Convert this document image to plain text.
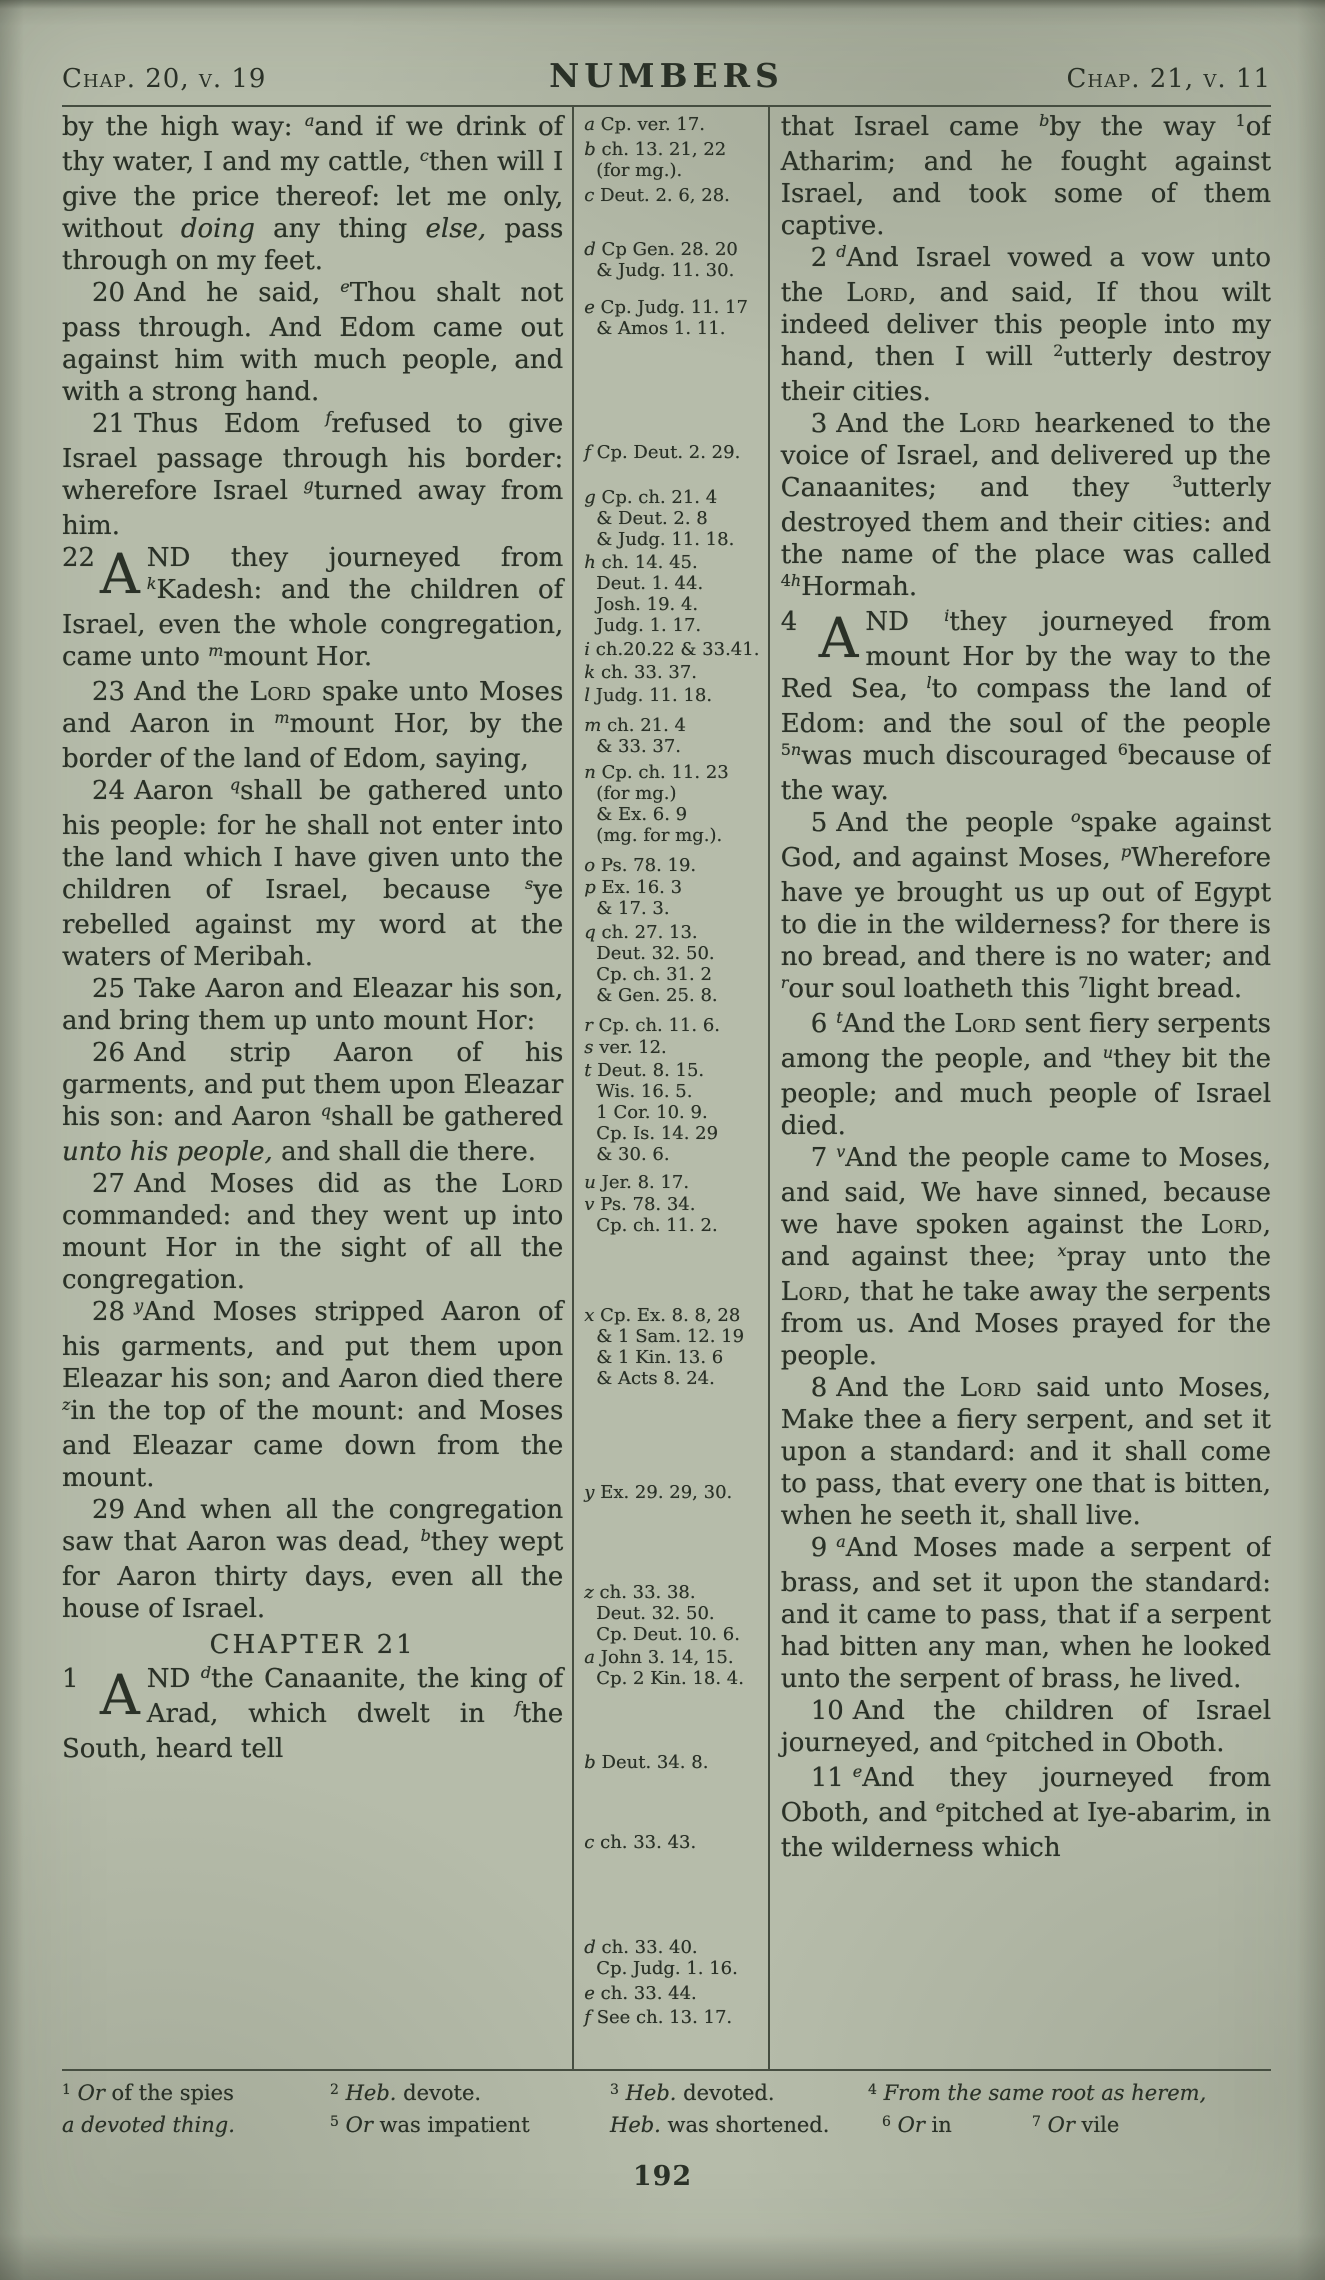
Chap. 20, v. 19	NUMBERS	Chap. 21, v. 11

by the high way: $^a$and if we drink of thy water, I and my cattle, $^c$then will I give the price thereof: let me only, without doing any thing else, pass through on my feet.

20 And he said, $^e$Thou shalt not pass through. And Edom came out against him with much people, and with a strong hand.

21 Thus Edom $^f$refused to give Israel passage through his border: wherefore Israel $^g$turned away from him.

22 A ND they journeyed from $^k$Kadesh: and the children of Israel, even the whole congregation, came unto $^m$mount Hor.

23 And the Lord spake unto Moses and Aaron in $^m$mount Hor, by the border of the land of Edom, saying,

24 Aaron $^q$shall be gathered unto his people: for he shall not enter into the land which I have given unto the children of Israel, because $^s$ye rebelled against my word at the waters of Meribah.

25 Take Aaron and Eleazar his son, and bring them up unto mount Hor:

26 And strip Aaron of his garments, and put them upon Eleazar his son: and Aaron $^q$shall be gathered unto his people, and shall die there.

27 And Moses did as the Lord commanded: and they went up into mount Hor in the sight of all the congregation.

28 $^y$And Moses stripped Aaron of his garments, and put them upon Eleazar his son; and Aaron died there $^z$in the top of the mount: and Moses and Eleazar came down from the mount.

29 And when all the congregation saw that Aaron was dead, $^b$they wept for Aaron thirty days, even all the house of Israel.

CHAPTER 21

1 A ND $^d$the Canaanite, the king of Arad, which dwelt in $^f$the South, heard tell

a Cp. ver. 17.
b ch. 13. 21, 22
(for mg.).
c Deut. 2. 6, 28.
d Cp Gen. 28. 20
& Judg. 11. 30.
e Cp. Judg. 11. 17
& Amos 1. 11.
f Cp. Deut. 2. 29.
g Cp. ch. 21. 4
& Deut. 2. 8
& Judg. 11. 18.
h ch. 14. 45.
Deut. 1. 44.
Josh. 19. 4.
Judg. 1. 17.
i ch.20.22 & 33.41.
k ch. 33. 37.
l Judg. 11. 18.
m ch. 21. 4
& 33. 37.
n Cp. ch. 11. 23
(for mg.)
& Ex. 6. 9
(mg. for mg.).
o Ps. 78. 19.
p Ex. 16. 3
& 17. 3.
q ch. 27. 13.
Deut. 32. 50.
Cp. ch. 31. 2
& Gen. 25. 8.
r Cp. ch. 11. 6.
s ver. 12.
t Deut. 8. 15.
Wis. 16. 5.
1 Cor. 10. 9.
Cp. Is. 14. 29
& 30. 6.
u Jer. 8. 17.
v Ps. 78. 34.
Cp. ch. 11. 2.
x Cp. Ex. 8. 8, 28
& 1 Sam. 12. 19
& 1 Kin. 13. 6
& Acts 8. 24.
y Ex. 29. 29, 30.
z ch. 33. 38.
Deut. 32. 50.
Cp. Deut. 10. 6.
a John 3. 14, 15.
Cp. 2 Kin. 18. 4.
b Deut. 34. 8.
c ch. 33. 43.
d ch. 33. 40.
Cp. Judg. 1. 16.
e ch. 33. 44.
f See ch. 13. 17.

that Israel came $^b$by the way $^1$of Atharim; and he fought against Israel, and took some of them captive.

2 $^d$And Israel vowed a vow unto the Lord, and said, If thou wilt indeed deliver this people into my hand, then I will $^2$utterly destroy their cities.

3 And the Lord hearkened to the voice of Israel, and delivered up the Canaanites; and they $^3$utterly destroyed them and their cities: and the name of the place was called $^{4h}$Hormah.

4 A ND $^i$they journeyed from mount Hor by the way to the Red Sea, $^l$to compass the land of Edom: and the soul of the people $^{5n}$was much discouraged $^6$because of the way.

5 And the people $^o$spake against God, and against Moses, $^p$Wherefore have ye brought us up out of Egypt to die in the wilderness? for there is no bread, and there is no water; and $^r$our soul loatheth this $^7$light bread.

6 $^t$And the Lord sent fiery serpents among the people, and $^u$they bit the people; and much people of Israel died.

7 $^v$And the people came to Moses, and said, We have sinned, because we have spoken against the Lord, and against thee; $^x$pray unto the Lord, that he take away the serpents from us. And Moses prayed for the people.

8 And the Lord said unto Moses, Make thee a fiery serpent, and set it upon a standard: and it shall come to pass, that every one that is bitten, when he seeth it, shall live.

9 $^a$And Moses made a serpent of brass, and set it upon the standard: and it came to pass, that if a serpent had bitten any man, when he looked unto the serpent of brass, he lived.

10 And the children of Israel journeyed, and $^c$pitched in Oboth.

11 $^e$And they journeyed from Oboth, and $^e$pitched at Iye-abarim, in the wilderness which

$^1$ Or of the spies	$^2$ Heb. devote.	$^3$ Heb. devoted.	$^4$ From the same root as herem,
a devoted thing.	$^5$ Or was impatient	Heb. was shortened.	$^6$ Or in	$^7$ Or vile
192
